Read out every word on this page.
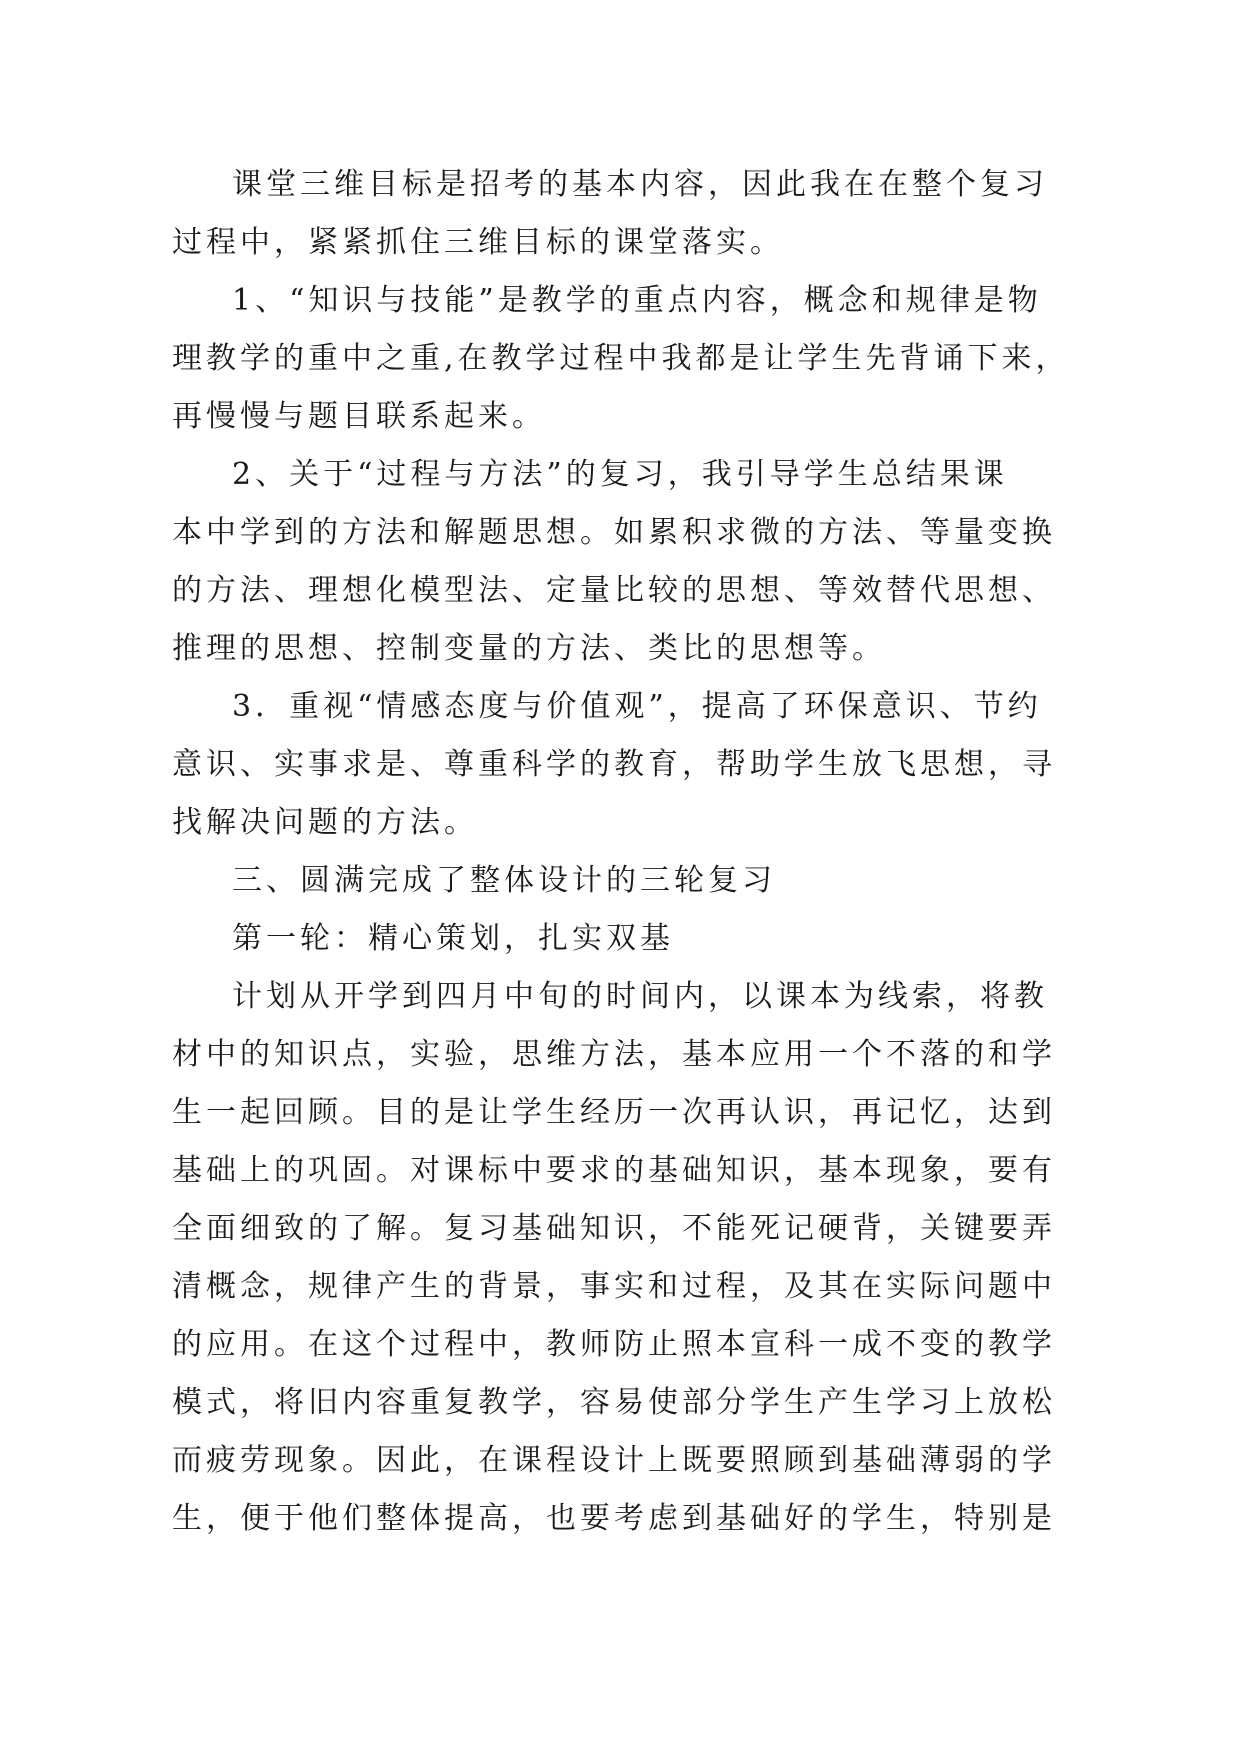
课堂三维目标是招考的基本内容，因此我在在整个复习
过程中，紧紧抓住三维目标的课堂落实。
1、“知识与技能”是教学的重点内容，概念和规律是物
理教学的重中之重,在教学过程中我都是让学生先背诵下来，
再慢慢与题目联系起来。
2、关于“过程与方法”的复习，我引导学生总结果课
本中学到的方法和解题思想。如累积求微的方法、等量变换
的方法、理想化模型法、定量比较的思想、等效替代思想、
推理的思想、控制变量的方法、类比的思想等。
3．重视“情感态度与价值观”，提高了环保意识、节约
意识、实事求是、尊重科学的教育，帮助学生放飞思想，寻
找解决问题的方法。
三、圆满完成了整体设计的三轮复习
第一轮：精心策划，扎实双基
计划从开学到四月中旬的时间内，以课本为线索，将教
材中的知识点，实验，思维方法，基本应用一个不落的和学
生一起回顾。目的是让学生经历一次再认识，再记忆，达到
基础上的巩固。对课标中要求的基础知识，基本现象，要有
全面细致的了解。复习基础知识，不能死记硬背，关键要弄
清概念，规律产生的背景，事实和过程，及其在实际问题中
的应用。在这个过程中，教师防止照本宣科一成不变的教学
模式，将旧内容重复教学，容易使部分学生产生学习上放松
而疲劳现象。因此，在课程设计上既要照顾到基础薄弱的学
生，便于他们整体提高，也要考虑到基础好的学生，特别是
